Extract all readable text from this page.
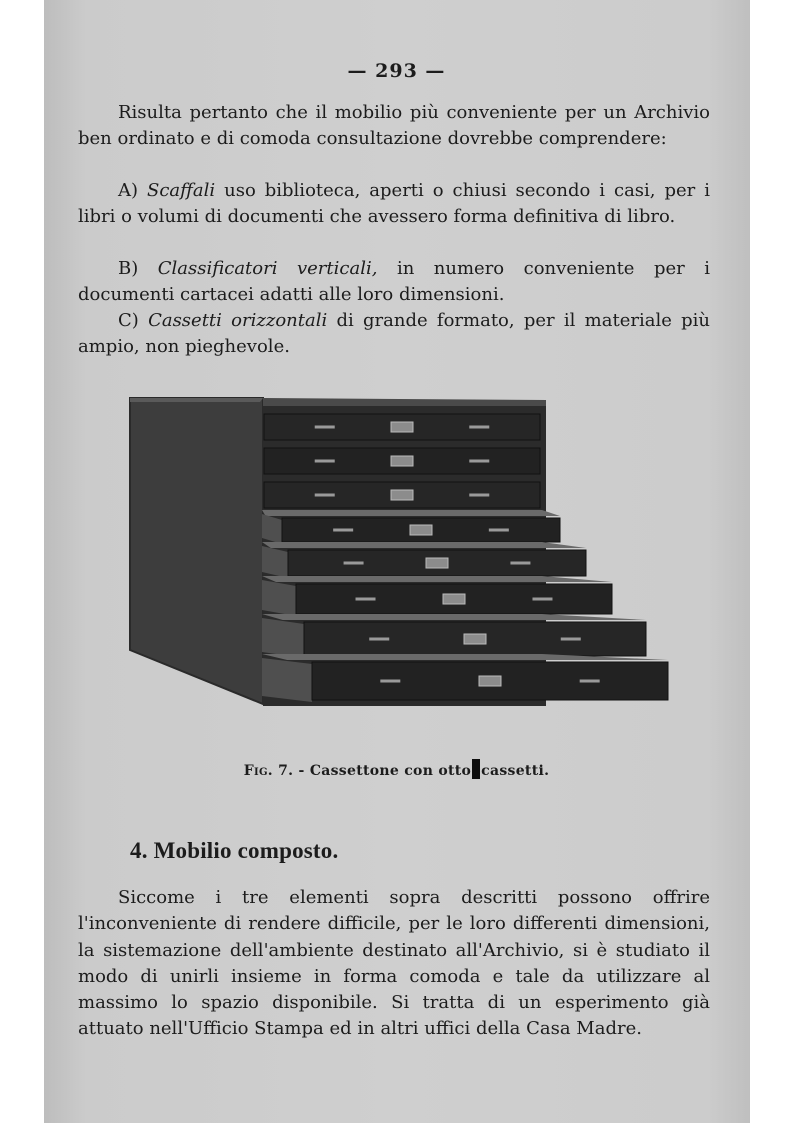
— 293 —

Risulta pertanto che il mobilio più conveniente per un Archivio ben ordinato e di comoda consultazione dovrebbe comprendere:

A) Scaffali uso biblioteca, aperti o chiusi secondo i casi, per i libri o volumi di documenti che avessero forma definitiva di libro.

B) Classificatori verticali, in numero conveniente per i documenti cartacei adatti alle loro dimensioni.

C) Cassetti orizzontali di grande formato, per il materiale più ampio, non pieghevole.

Fig. 7. - Cassettone con otto cassetti.
4. Mobilio composto.

Siccome i tre elementi sopra descritti possono offrire l'inconveniente di rendere difficile, per le loro differenti dimensioni, la sistemazione dell'ambiente destinato all'Archivio, si è studiato il modo di unirli insieme in forma comoda e tale da utilizzare al massimo lo spazio disponibile. Si tratta di un esperimento già attuato nell'Ufficio Stampa ed in altri uffici della Casa Madre.
